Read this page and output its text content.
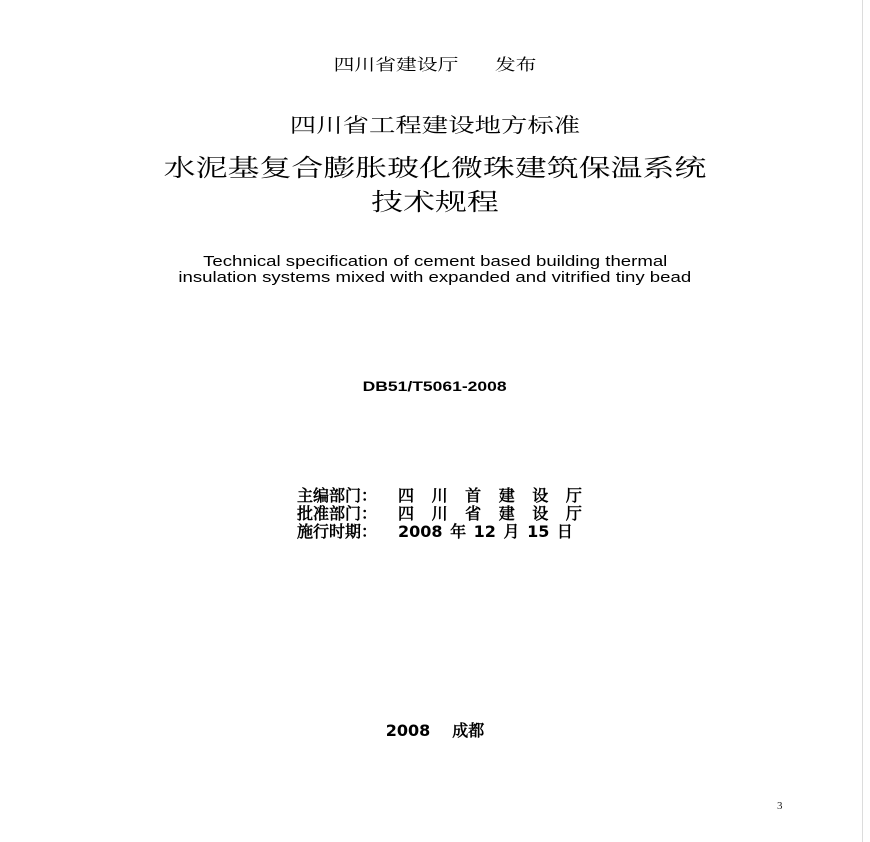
四川省建设厅 发布
四川省工程建设地方标准
水泥基复合膨胀玻化微珠建筑保温系统
技术规程
Technical specification of cement based building thermal
insulation systems mixed with expanded and vitrified tiny bead
DB51/T5061-2008
主编部门： 四 川 首 建 设 厅
批准部门： 四 川 省 建 设 厅
施行时期： 2008 年 12 月 15 日
2008 成都
3
